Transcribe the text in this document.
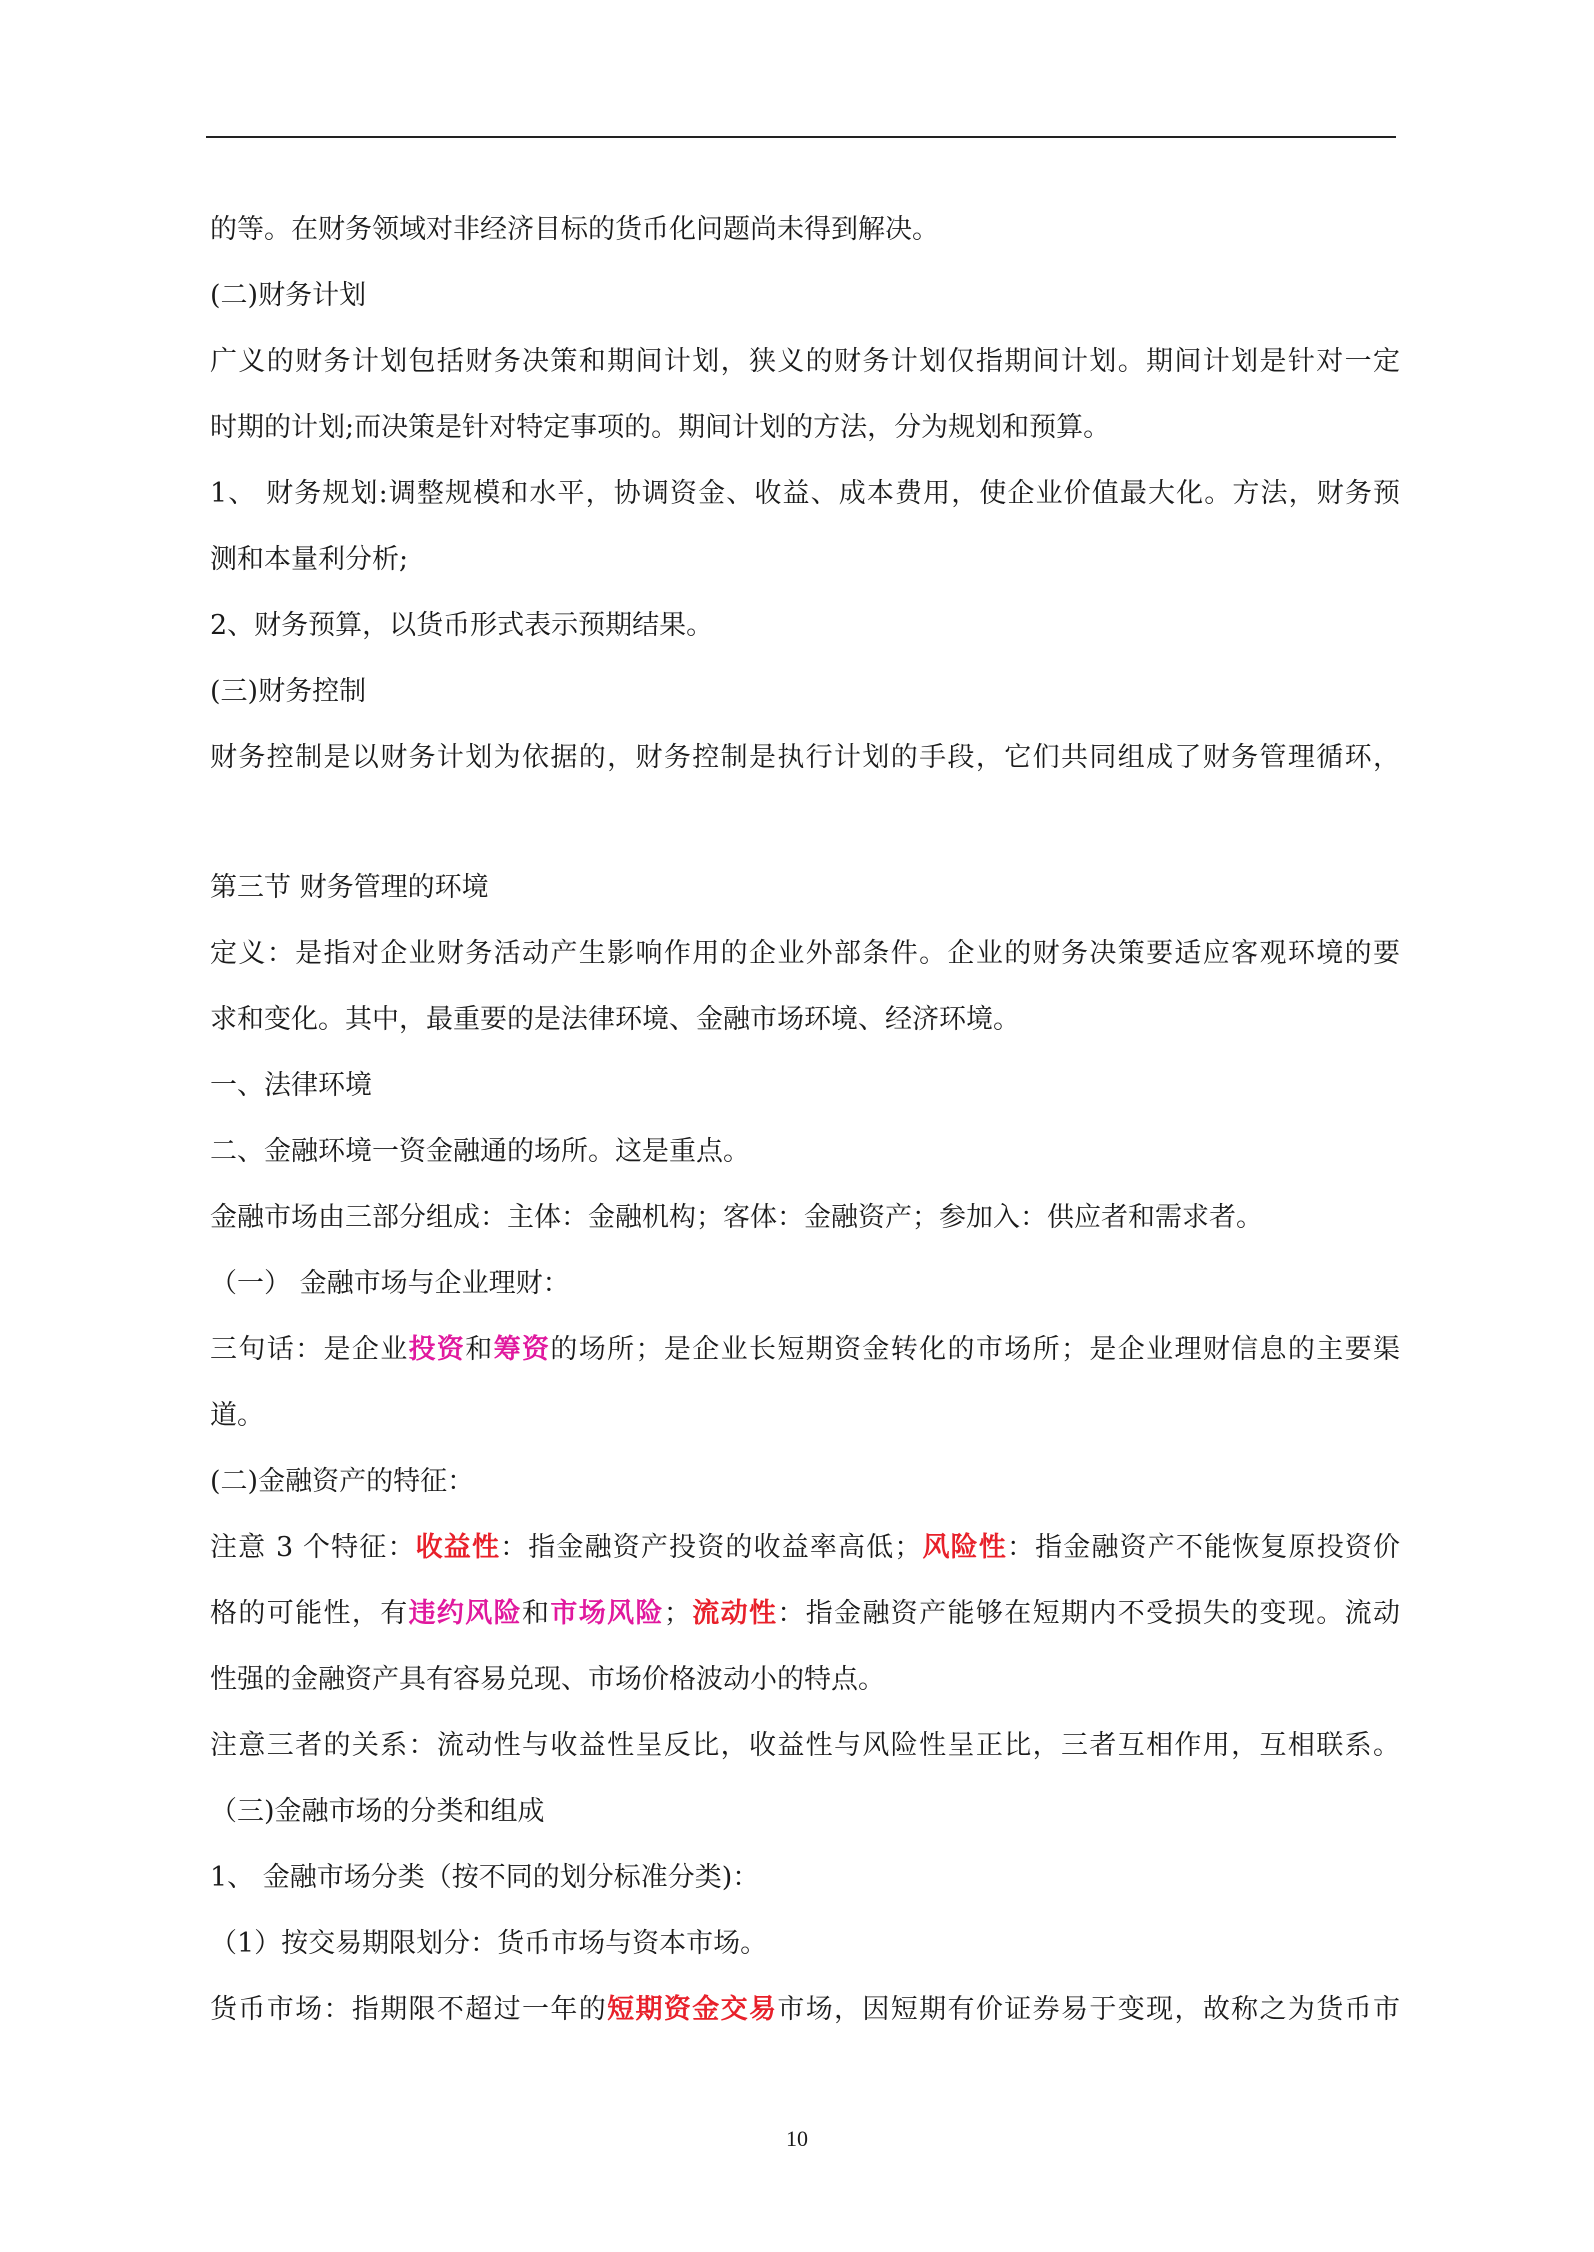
的等。在财务领域对非经济目标的货币化问题尚未得到解决。
(二)财务计划
广义的财务计划包括财务决策和期间计划，狭义的财务计划仅指期间计划。期间计划是针对一定
时期的计划;而决策是针对特定事项的。期间计划的方法，分为规划和预算。
1、 财务规划:调整规模和水平，协调资金、收益、成本费用，使企业价值最大化。方法，财务预
测和本量利分析;
2、财务预算，以货币形式表示预期结果。
(三)财务控制
财务控制是以财务计划为依据的，财务控制是执行计划的手段，它们共同组成了财务管理循环，
第三节 财务管理的环境
定义：是指对企业财务活动产生影响作用的企业外部条件。企业的财务决策要适应客观环境的要
求和变化。其中，最重要的是法律环境、金融市场环境、经济环境。
一、法律环境
二、金融环境一资金融通的场所。这是重点。
金融市场由三部分组成：主体：金融机构；客体：金融资产；参加入：供应者和需求者。
（一） 金融市场与企业理财：
三句话：是企业投资和筹资的场所；是企业长短期资金转化的市场所；是企业理财信息的主要渠
道。
(二)金融资产的特征：
注意 3 个特征：收益性：指金融资产投资的收益率高低；风险性：指金融资产不能恢复原投资价
格的可能性，有违约风险和市场风险；流动性：指金融资产能够在短期内不受损失的变现。流动
性强的金融资产具有容易兑现、市场价格波动小的特点。
注意三者的关系：流动性与收益性呈反比，收益性与风险性呈正比，三者互相作用，互相联系。
（三)金融市场的分类和组成
1、 金融市场分类（按不同的划分标准分类)：
（1）按交易期限划分：货币市场与资本市场。
货币市场：指期限不超过一年的短期资金交易市场，因短期有价证券易于变现，故称之为货币市
10
